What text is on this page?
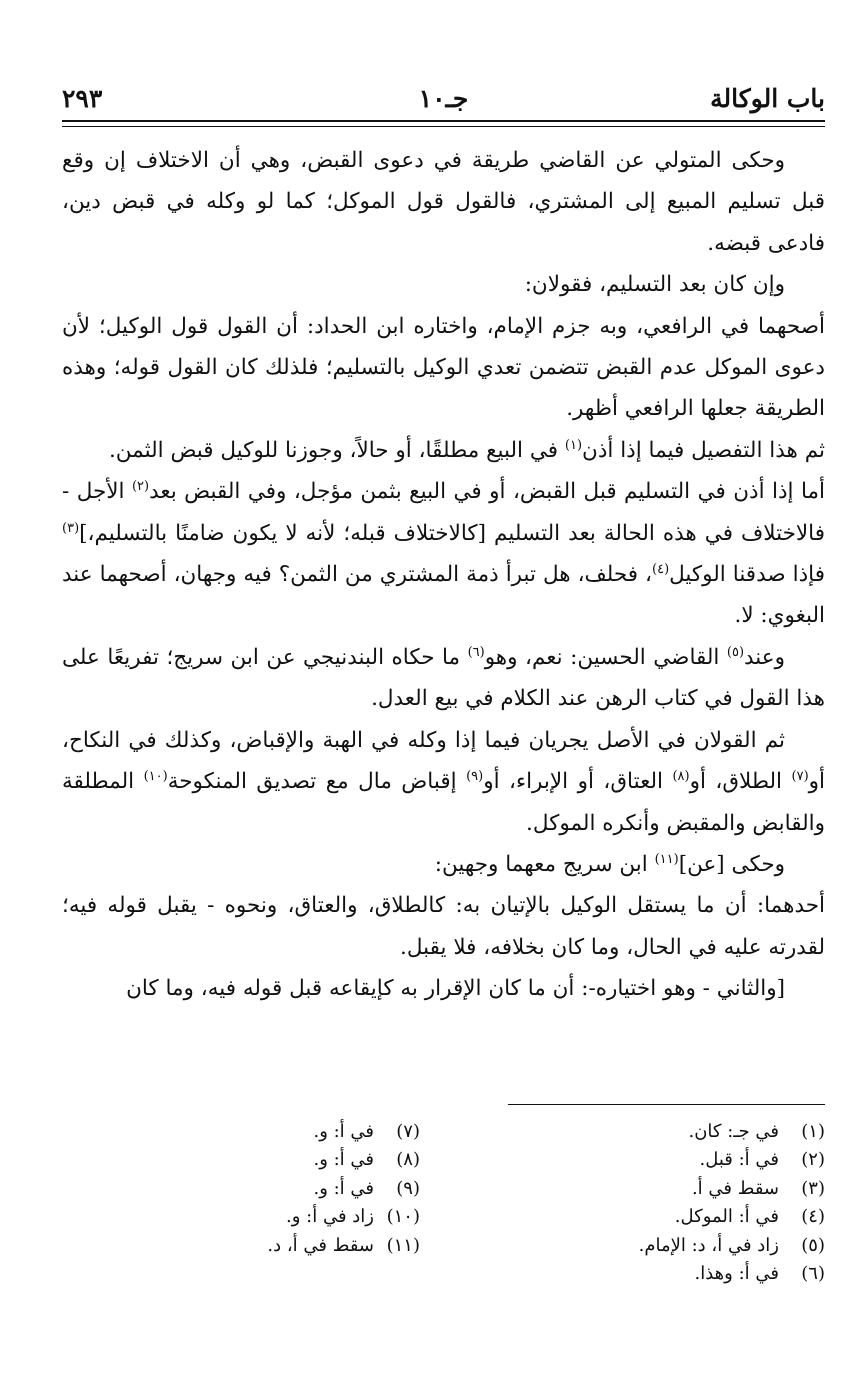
باب الوكالة
جـ١٠
٢٩٣

وحكى المتولي عن القاضي طريقة في دعوى القبض، وهي أن الاختلاف إن وقع قبل تسليم المبيع إلى المشتري، فالقول قول الموكل؛ كما لو وكله في قبض دين، فادعى قبضه.

وإن كان بعد التسليم، فقولان:

أصحهما في الرافعي، وبه جزم الإمام، واختاره ابن الحداد: أن القول قول الوكيل؛ لأن دعوى الموكل عدم القبض تتضمن تعدي الوكيل بالتسليم؛ فلذلك كان القول قوله؛ وهذه الطريقة جعلها الرافعي أظهر.

ثم هذا التفصيل فيما إذا أذن$^{(١)}$ في البيع مطلقًا، أو حالاً، وجوزنا للوكيل قبض الثمن.

أما إذا أذن في التسليم قبل القبض، أو في البيع بثمن مؤجل، وفي القبض بعد$^{(٢)}$ الأجل - فالاختلاف في هذه الحالة بعد التسليم [كالاختلاف قبله؛ لأنه لا يكون ضامنًا بالتسليم،]$^{(٣)}$ فإذا صدقنا الوكيل$^{(٤)}$، فحلف، هل تبرأ ذمة المشتري من الثمن؟ فيه وجهان، أصحهما عند البغوي: لا.

وعند$^{(٥)}$ القاضي الحسين: نعم، وهو$^{(٦)}$ ما حكاه البندنيجي عن ابن سريج؛ تفريعًا على هذا القول في كتاب الرهن عند الكلام في بيع العدل.

ثم القولان في الأصل يجريان فيما إذا وكله في الهبة والإقباض، وكذلك في النكاح، أو$^{(٧)}$ الطلاق، أو$^{(٨)}$ العتاق، أو الإبراء، أو$^{(٩)}$ إقباض مال مع تصديق المنكوحة$^{(١٠)}$ المطلقة والقابض والمقبض وأنكره الموكل.

وحكى [عن]$^{(١١)}$ ابن سريج معهما وجهين:

أحدهما: أن ما يستقل الوكيل بالإتيان به: كالطلاق، والعتاق، ونحوه - يقبل قوله فيه؛ لقدرته عليه في الحال، وما كان بخلافه، فلا يقبل.

[والثاني - وهو اختياره-: أن ما كان الإقرار به كإيقاعه قبل قوله فيه، وما كان

(١)
في جـ: كان.
(٢)
في أ: قبل.
(٣)
سقط في أ.
(٤)
في أ: الموكل.
(٥)
زاد في أ، د: الإمام.
(٦)
في أ: وهذا.
(٧)
في أ: و.
(٨)
في أ: و.
(٩)
في أ: و.
(١٠)
زاد في أ: و.
(١١)
سقط في أ، د.
